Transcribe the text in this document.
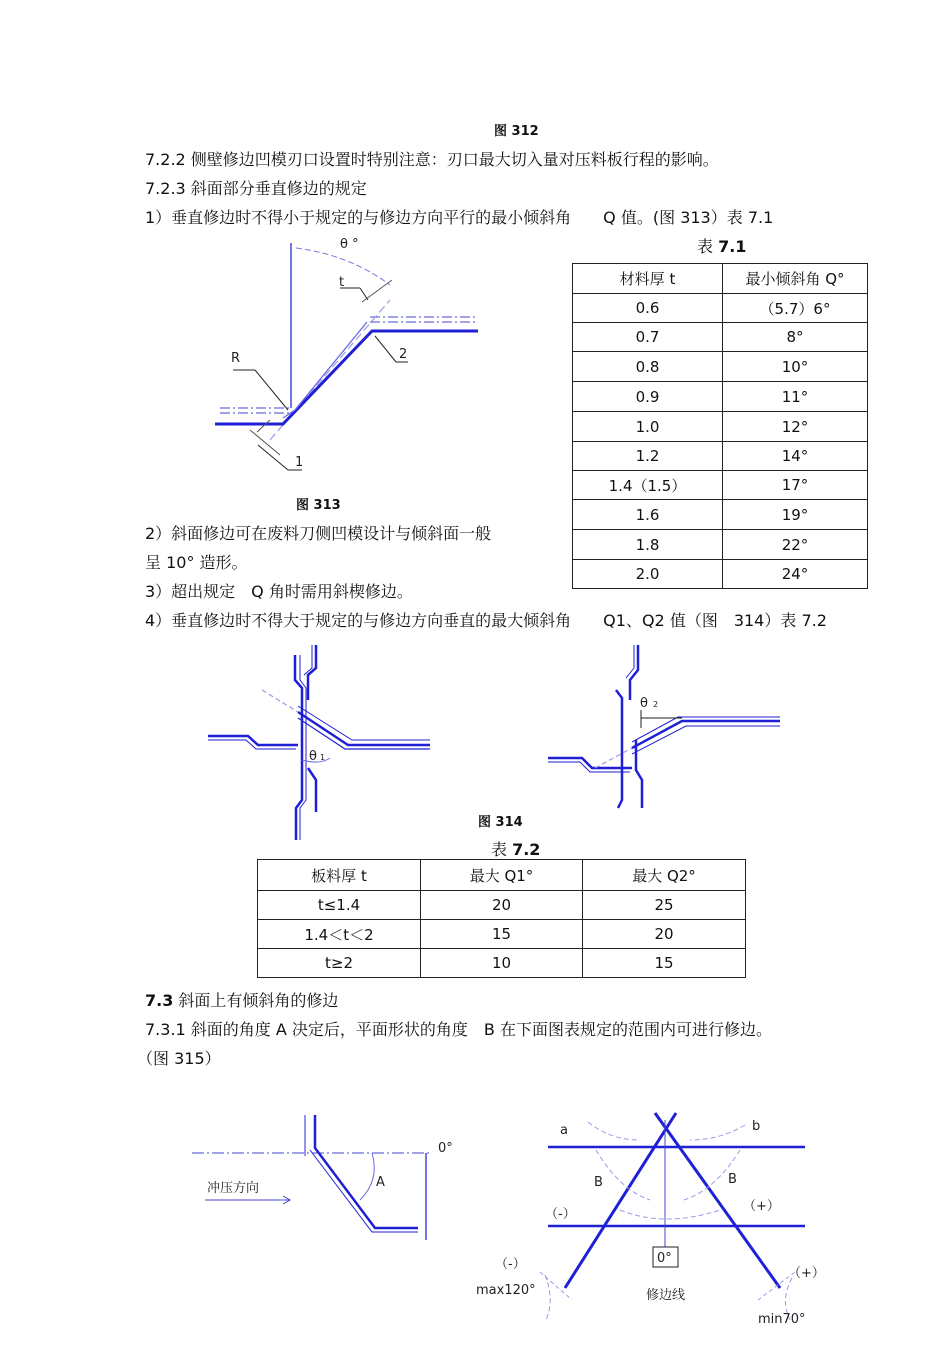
图 312
7.2.2 侧壁修边凹模刃口设置时特别注意：刃口最大切入量对压料板行程的影响。
7.2.3 斜面部分垂直修边的规定
1）垂直修边时不得小于规定的与修边方向平行的最小倾斜角　　Q 值。(图 313）表 7.1
表 7.1
材料厚 t	最小倾斜角 Q°
0.6	（5.7）6°
0.7	8°
0.8	10°
0.9	11°
1.0	12°
1.2	14°
1.4（1.5）	17°
1.6	19°
1.8	22°
2.0	24°
θ °
t
R	2
1
图 313
2）斜面修边可在废料刀侧凹模设计与倾斜面一般
呈 10° 造形。
3）超出规定　Q 角时需用斜楔修边。
4）垂直修边时不得大于规定的与修边方向垂直的最大倾斜角　　Q1、Q2 值（图　314）表 7.2
θ 1
θ 2
图 314
表 7.2
板料厚 t	最大 Q1°	最大 Q2°
t≤1.4	20	25
1.4＜t＜2	15	20
t≥2	10	15
7.3 斜面上有倾斜角的修边
7.3.1 斜面的角度 A 决定后，平面形状的角度　B 在下面图表规定的范围内可进行修边。
（图 315）
0°
冲压方向	A
0°
a	b
B	B
（-）
（+）
（-）
（+）
max120°	修边线
min70°
